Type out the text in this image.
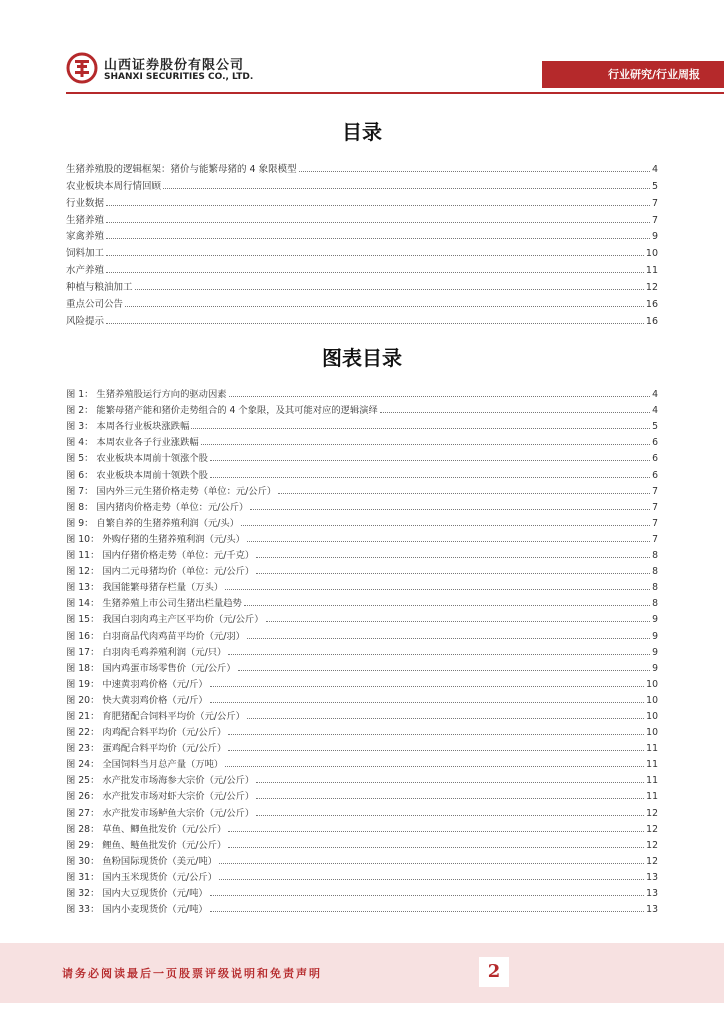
山西证券股份有限公司
SHANXI SECURITIES CO., LTD.	行业研究/行业周报
目录
生猪养殖股的逻辑框架：猪价与能繁母猪的 4 象限模型	4
农业板块本周行情回顾	5
行业数据	7
生猪养殖	7
家禽养殖	9
饲料加工	10
水产养殖	11
种植与粮油加工	12
重点公司公告	16
风险提示	16
图表目录
图 1： 生猪养殖股运行方向的驱动因素	4
图 2： 能繁母猪产能和猪价走势组合的 4 个象限，及其可能对应的逻辑演绎	4
图 3： 本周各行业板块涨跌幅	5
图 4： 本周农业各子行业涨跌幅	6
图 5： 农业板块本周前十领涨个股	6
图 6： 农业板块本周前十领跌个股	6
图 7： 国内外三元生猪价格走势（单位：元/公斤）	7
图 8： 国内猪肉价格走势（单位：元/公斤）	7
图 9： 自繁自养的生猪养殖利润（元/头）	7
图 10： 外购仔猪的生猪养殖利润（元/头）	7
图 11： 国内仔猪价格走势（单位：元/千克）	8
图 12： 国内二元母猪均价（单位：元/公斤）	8
图 13： 我国能繁母猪存栏量（万头）	8
图 14： 生猪养殖上市公司生猪出栏量趋势	8
图 15： 我国白羽肉鸡主产区平均价（元/公斤）	9
图 16： 白羽商品代肉鸡苗平均价（元/羽）	9
图 17： 白羽肉毛鸡养殖利润（元/只）	9
图 18： 国内鸡蛋市场零售价（元/公斤）	9
图 19： 中速黄羽鸡价格（元/斤）	10
图 20： 快大黄羽鸡价格（元/斤）	10
图 21： 育肥猪配合饲料平均价（元/公斤）	10
图 22： 肉鸡配合料平均价（元/公斤）	10
图 23： 蛋鸡配合料平均价（元/公斤）	11
图 24： 全国饲料当月总产量（万吨）	11
图 25： 水产批发市场海参大宗价（元/公斤）	11
图 26： 水产批发市场对虾大宗价（元/公斤）	11
图 27： 水产批发市场鲈鱼大宗价（元/公斤）	12
图 28： 草鱼、鲫鱼批发价（元/公斤）	12
图 29： 鲤鱼、鲢鱼批发价（元/公斤）	12
图 30： 鱼粉国际现货价（美元/吨）	12
图 31： 国内玉米现货价（元/公斤）	13
图 32： 国内大豆现货价（元/吨）	13
图 33： 国内小麦现货价（元/吨）	13
请务必阅读最后一页股票评级说明和免责声明	2
